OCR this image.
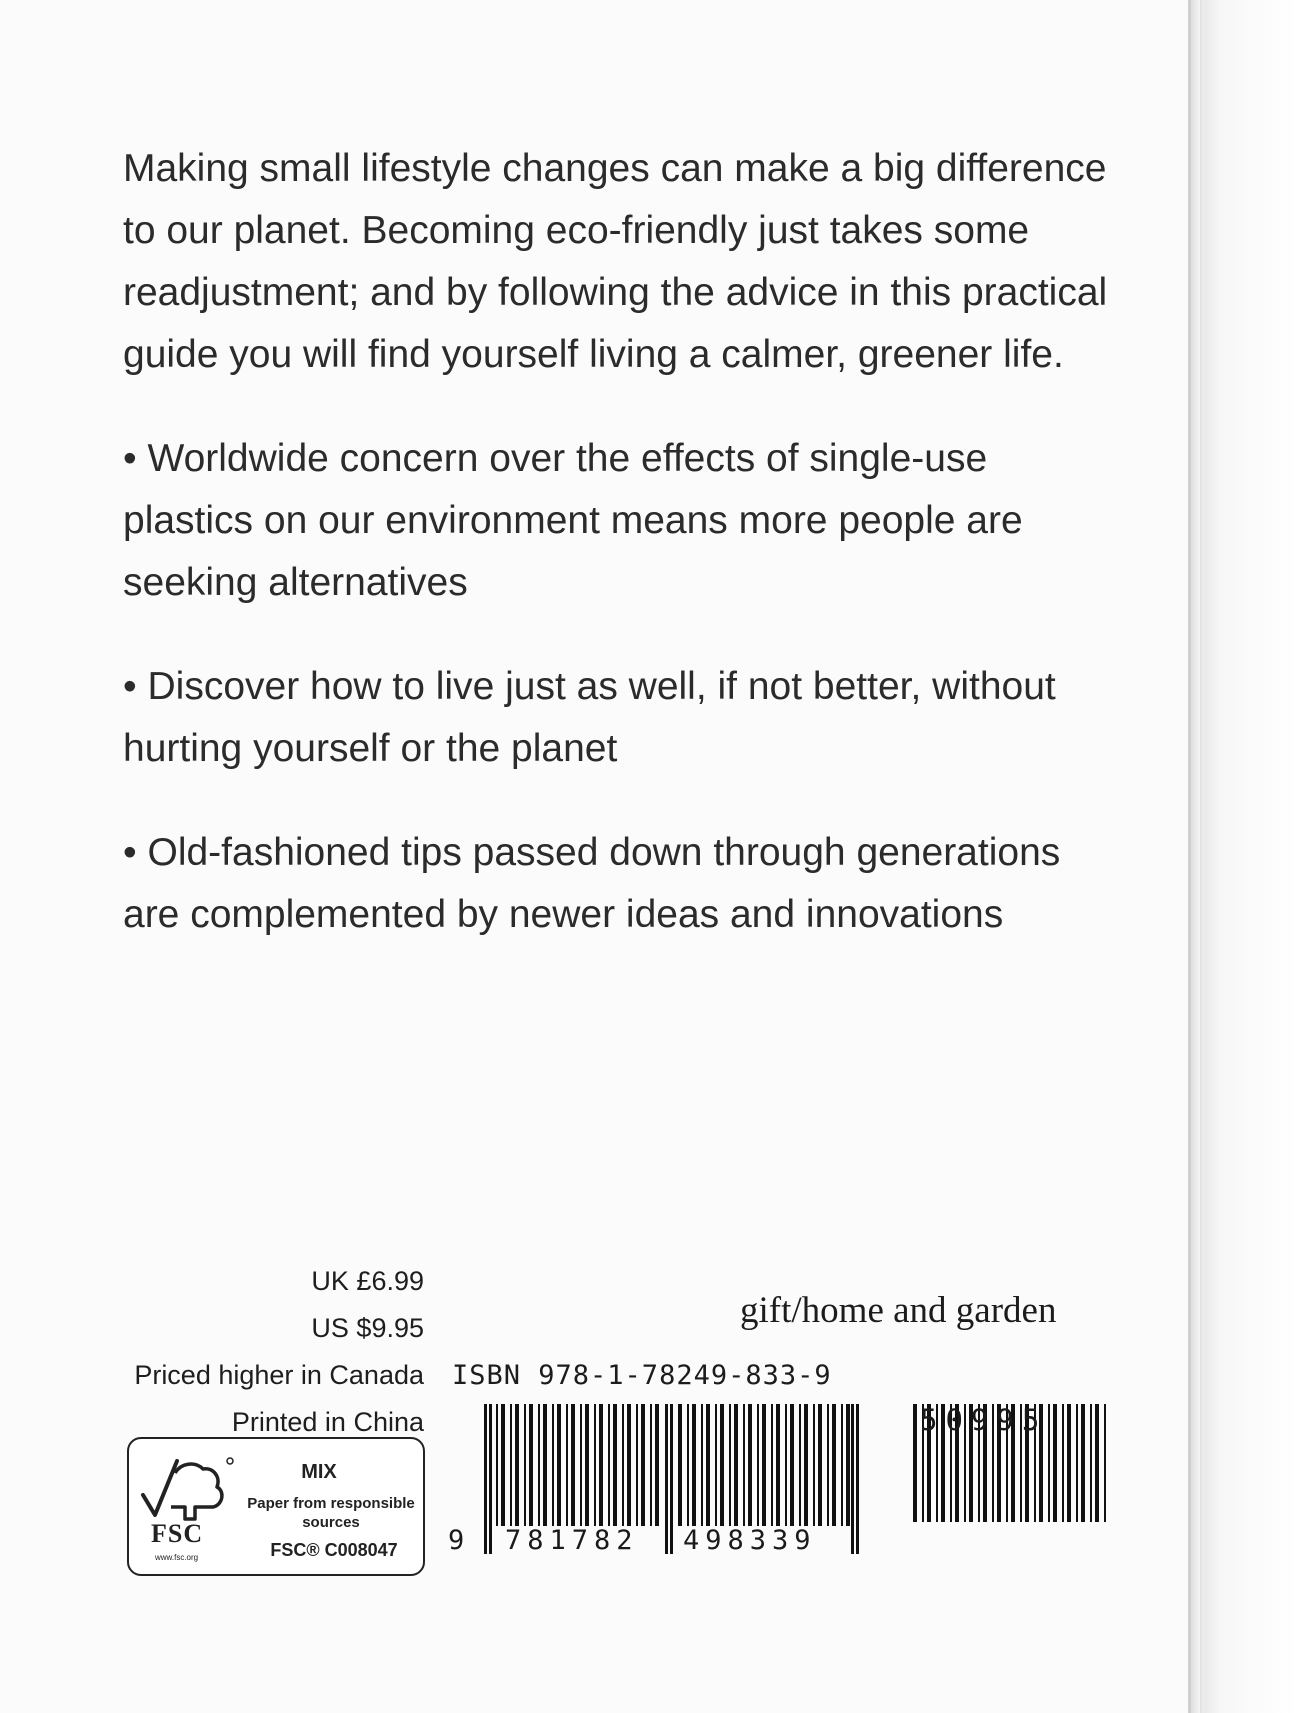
Making small lifestyle changes can make a big difference to our planet. Becoming eco-friendly just takes some readjustment; and by following the advice in this practical guide you will find yourself living a calmer, greener life.

• Worldwide concern over the effects of single-use plastics on our environment means more people are seeking alternatives

• Discover how to live just as well, if not better, without hurting yourself or the planet

• Old-fashioned tips passed down through generations are complemented by newer ideas and innovations

UK £6.99
US $9.95
Priced higher in Canada
Printed in China
FSC
www.fsc.org
MIX
Paper from responsible sources
FSC® C008047
gift/home and garden
ISBN 978-1-78249-833-9
9 781782 498339
50995
